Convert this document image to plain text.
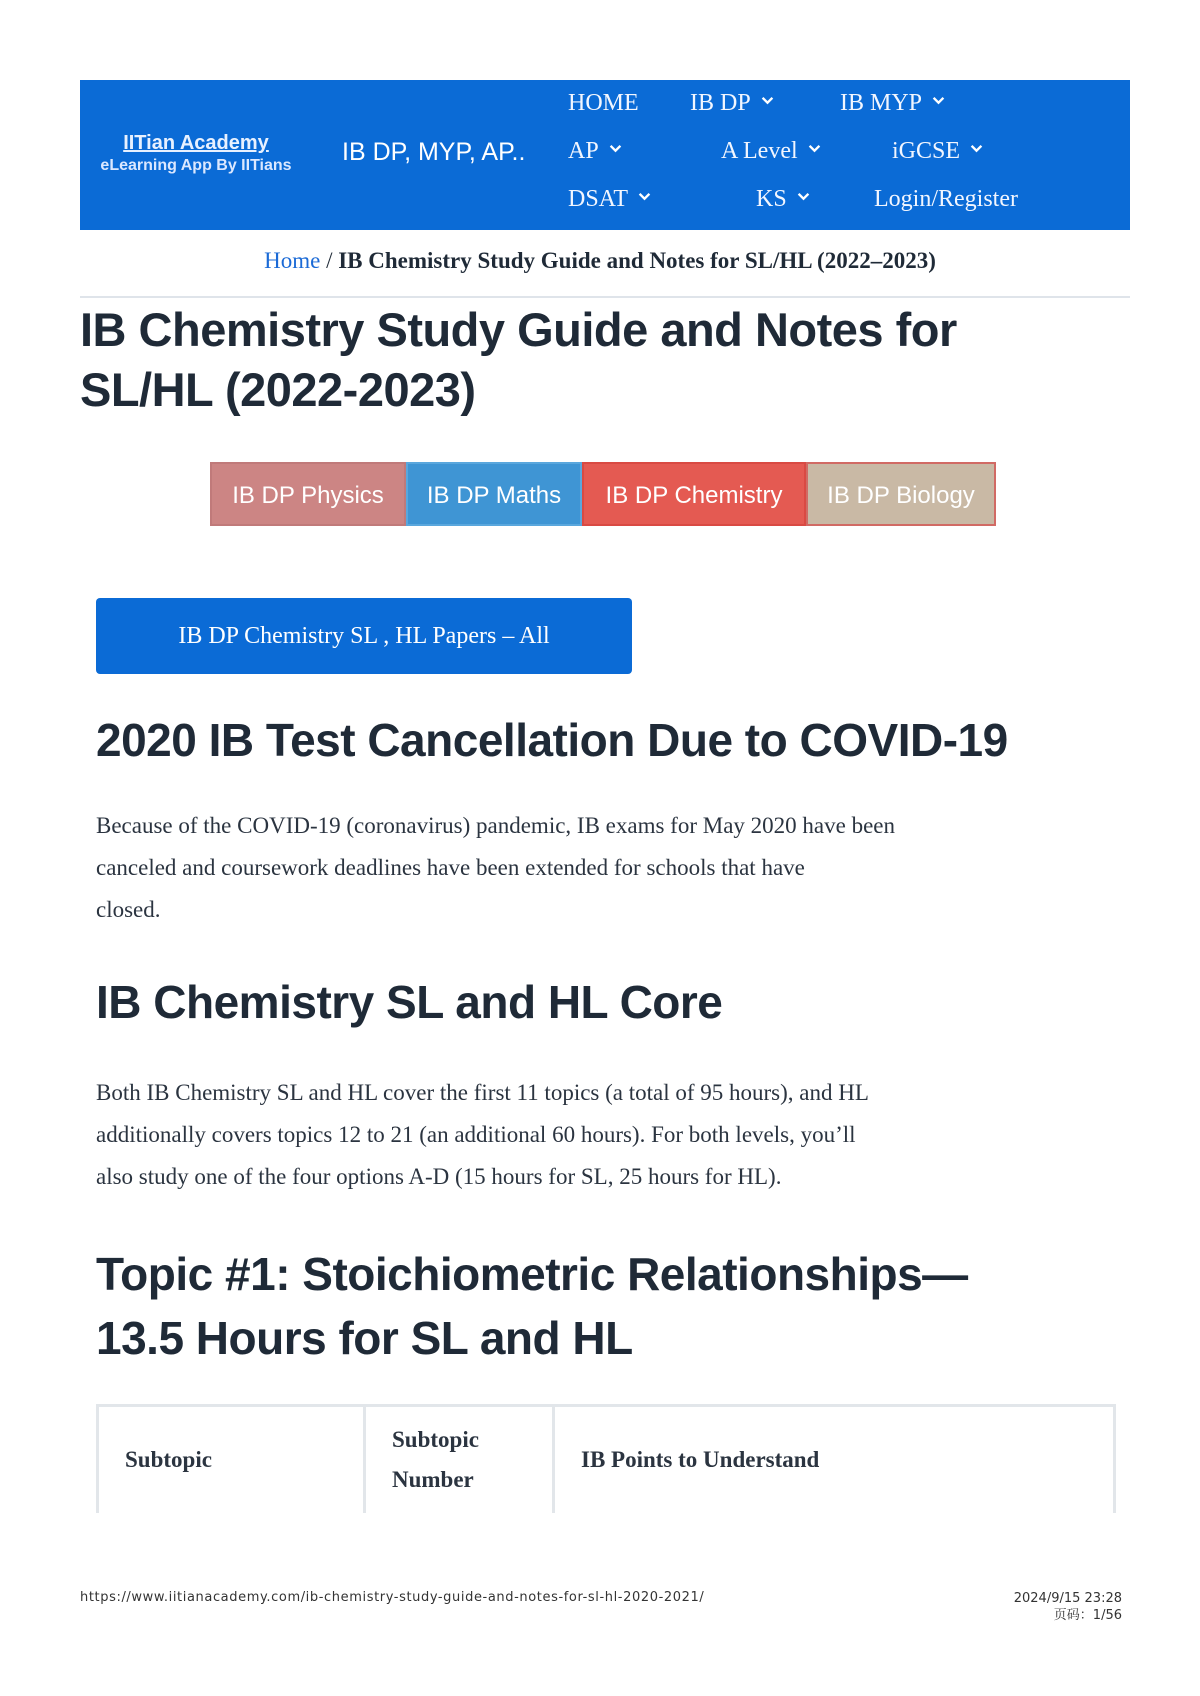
IITian Academy
eLearning App By IITians	IB DP, MYP, AP..
HOME IB DP	IB MYP
AP	A Level	iGCSE
DSAT	KS	Login/Register
Home / IB Chemistry Study Guide and Notes for SL/HL (2022–2023)
IB Chemistry Study Guide and Notes for
SL/HL (2022-2023)
IB DP Physics	IB DP Maths	IB DP Chemistry	IB DP Biology
IB DP Chemistry SL , HL Papers – All
2020 IB Test Cancellation Due to COVID-19

Because of the COVID-19 (coronavirus) pandemic, IB exams for May 2020 have been
canceled and coursework deadlines have been extended for schools that have
closed.

IB Chemistry SL and HL Core

Both IB Chemistry SL and HL cover the first 11 topics (a total of 95 hours), and HL
additionally covers topics 12 to 21 (an additional 60 hours). For both levels, you’ll
also study one of the four options A-D (15 hours for SL, 25 hours for HL).

Topic #1: Stoichiometric Relationships—
13.5 Hours for SL and HL
Subtopic	Subtopic Number	IB Points to Understand
https://www.iitianacademy.com/ib-chemistry-study-guide-and-notes-for-sl-hl-2020-2021/	2024/9/15 23:28
页码：1/56
